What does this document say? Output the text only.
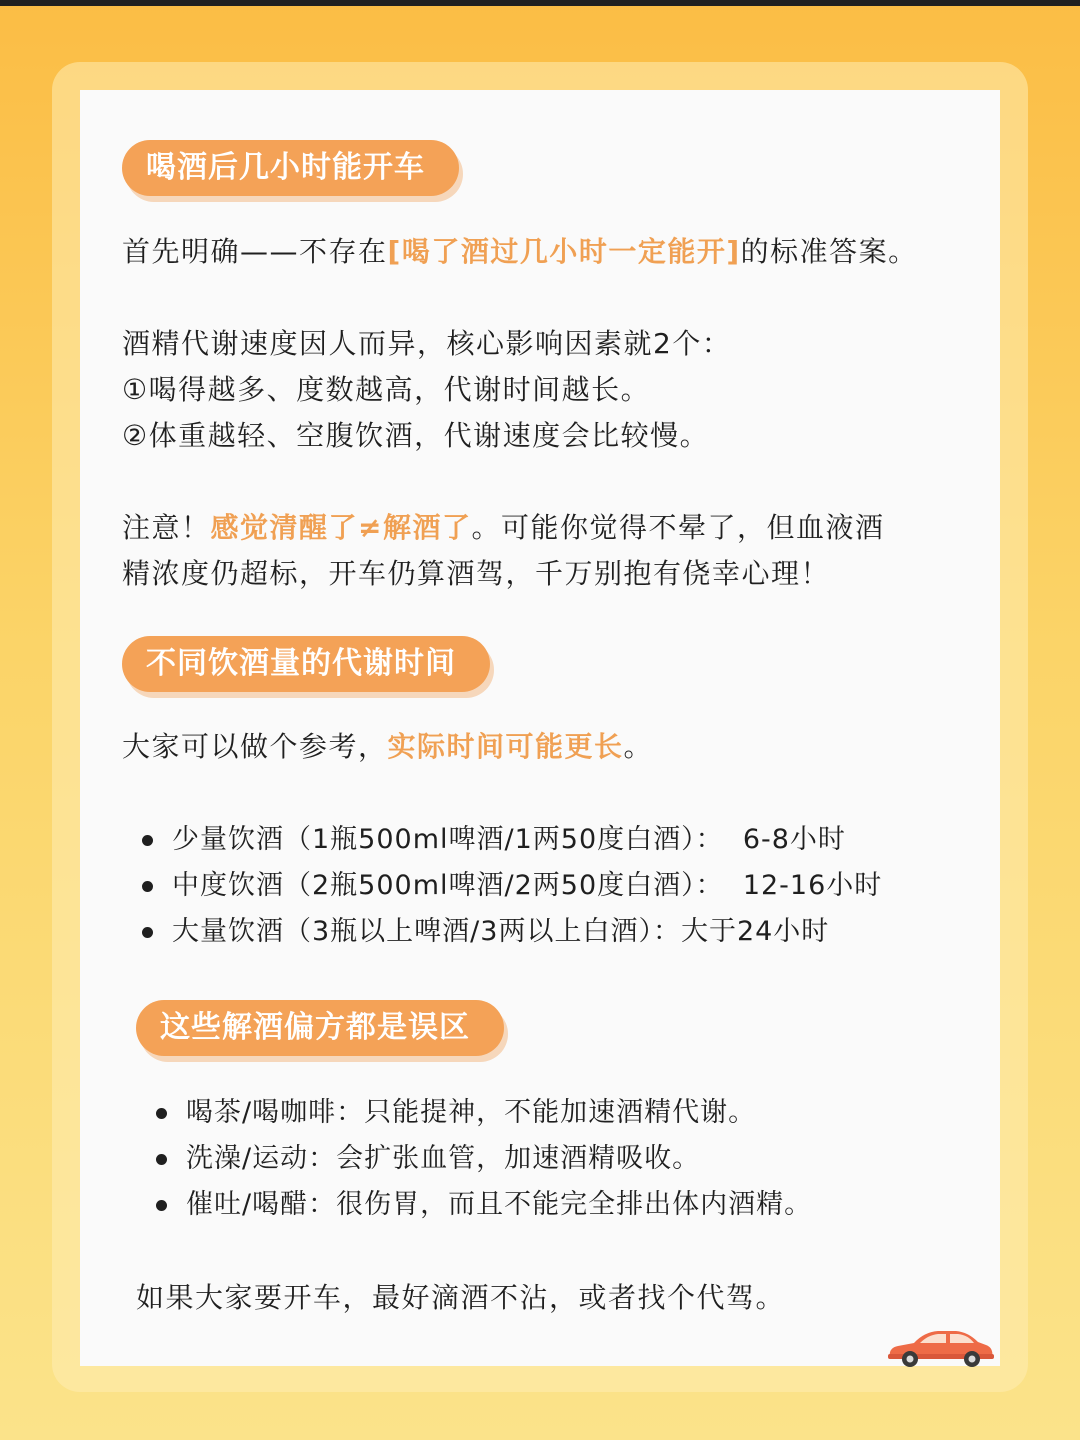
喝酒后几小时能开车
首先明确——不存在[喝了酒过几小时一定能开]的标准答案。
酒精代谢速度因人而异，核心影响因素就2个：
①喝得越多、度数越高，代谢时间越长。
②体重越轻、空腹饮酒，代谢速度会比较慢。
注意！感觉清醒了≠解酒了。可能你觉得不晕了，但血液酒
精浓度仍超标，开车仍算酒驾，千万别抱有侥幸心理！
不同饮酒量的代谢时间
大家可以做个参考，实际时间可能更长。
少量饮酒（1瓶500ml啤酒/1两50度白酒）： 6-8小时
中度饮酒（2瓶500ml啤酒/2两50度白酒）： 12-16小时
大量饮酒（3瓶以上啤酒/3两以上白酒）：大于24小时
这些解酒偏方都是误区
喝茶/喝咖啡：只能提神，不能加速酒精代谢。
洗澡/运动：会扩张血管，加速酒精吸收。
催吐/喝醋：很伤胃，而且不能完全排出体内酒精。
如果大家要开车，最好滴酒不沾，或者找个代驾。
